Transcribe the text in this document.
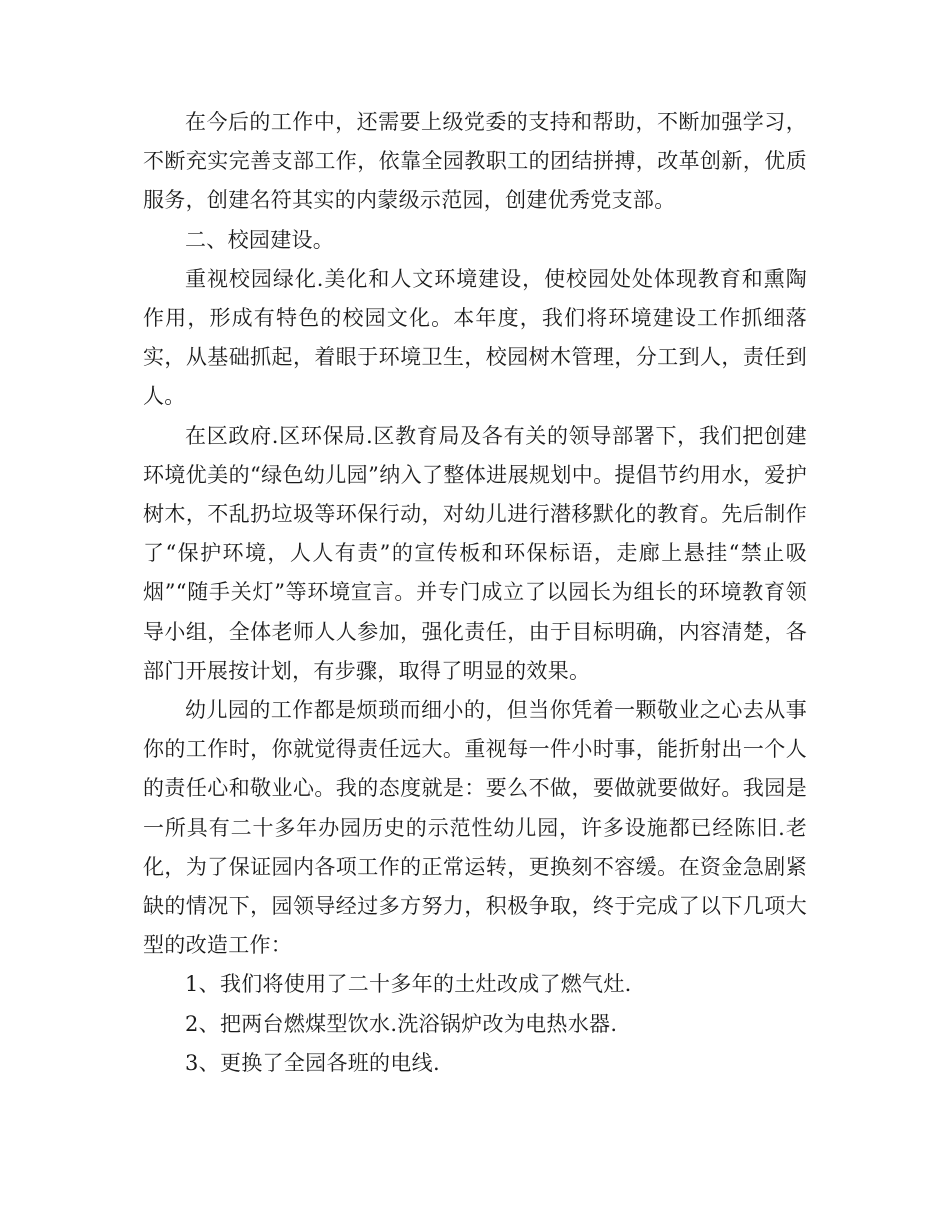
在今后的工作中，还需要上级党委的支持和帮助，不断加强学习，不断充实完善支部工作，依靠全园教职工的团结拼搏，改革创新，优质服务，创建名符其实的内蒙级示范园，创建优秀党支部。

二、校园建设。

重视校园绿化.美化和人文环境建设，使校园处处体现教育和熏陶作用，形成有特色的校园文化。本年度，我们将环境建设工作抓细落实，从基础抓起，着眼于环境卫生，校园树木管理，分工到人，责任到人。

在区政府.区环保局.区教育局及各有关的领导部署下，我们把创建环境优美的“绿色幼儿园”纳入了整体进展规划中。提倡节约用水，爱护树木，不乱扔垃圾等环保行动，对幼儿进行潜移默化的教育。先后制作了“保护环境，人人有责”的宣传板和环保标语，走廊上悬挂“禁止吸烟”“随手关灯”等环境宣言。并专门成立了以园长为组长的环境教育领导小组，全体老师人人参加，强化责任，由于目标明确，内容清楚，各部门开展按计划，有步骤，取得了明显的效果。

幼儿园的工作都是烦琐而细小的，但当你凭着一颗敬业之心去从事你的工作时，你就觉得责任远大。重视每一件小时事，能折射出一个人的责任心和敬业心。我的态度就是：要么不做，要做就要做好。我园是一所具有二十多年办园历史的示范性幼儿园，许多设施都已经陈旧.老化，为了保证园内各项工作的正常运转，更换刻不容缓。在资金急剧紧缺的情况下，园领导经过多方努力，积极争取，终于完成了以下几项大型的改造工作：

1、我们将使用了二十多年的土灶改成了燃气灶.

2、把两台燃煤型饮水.洗浴锅炉改为电热水器.

3、更换了全园各班的电线.
